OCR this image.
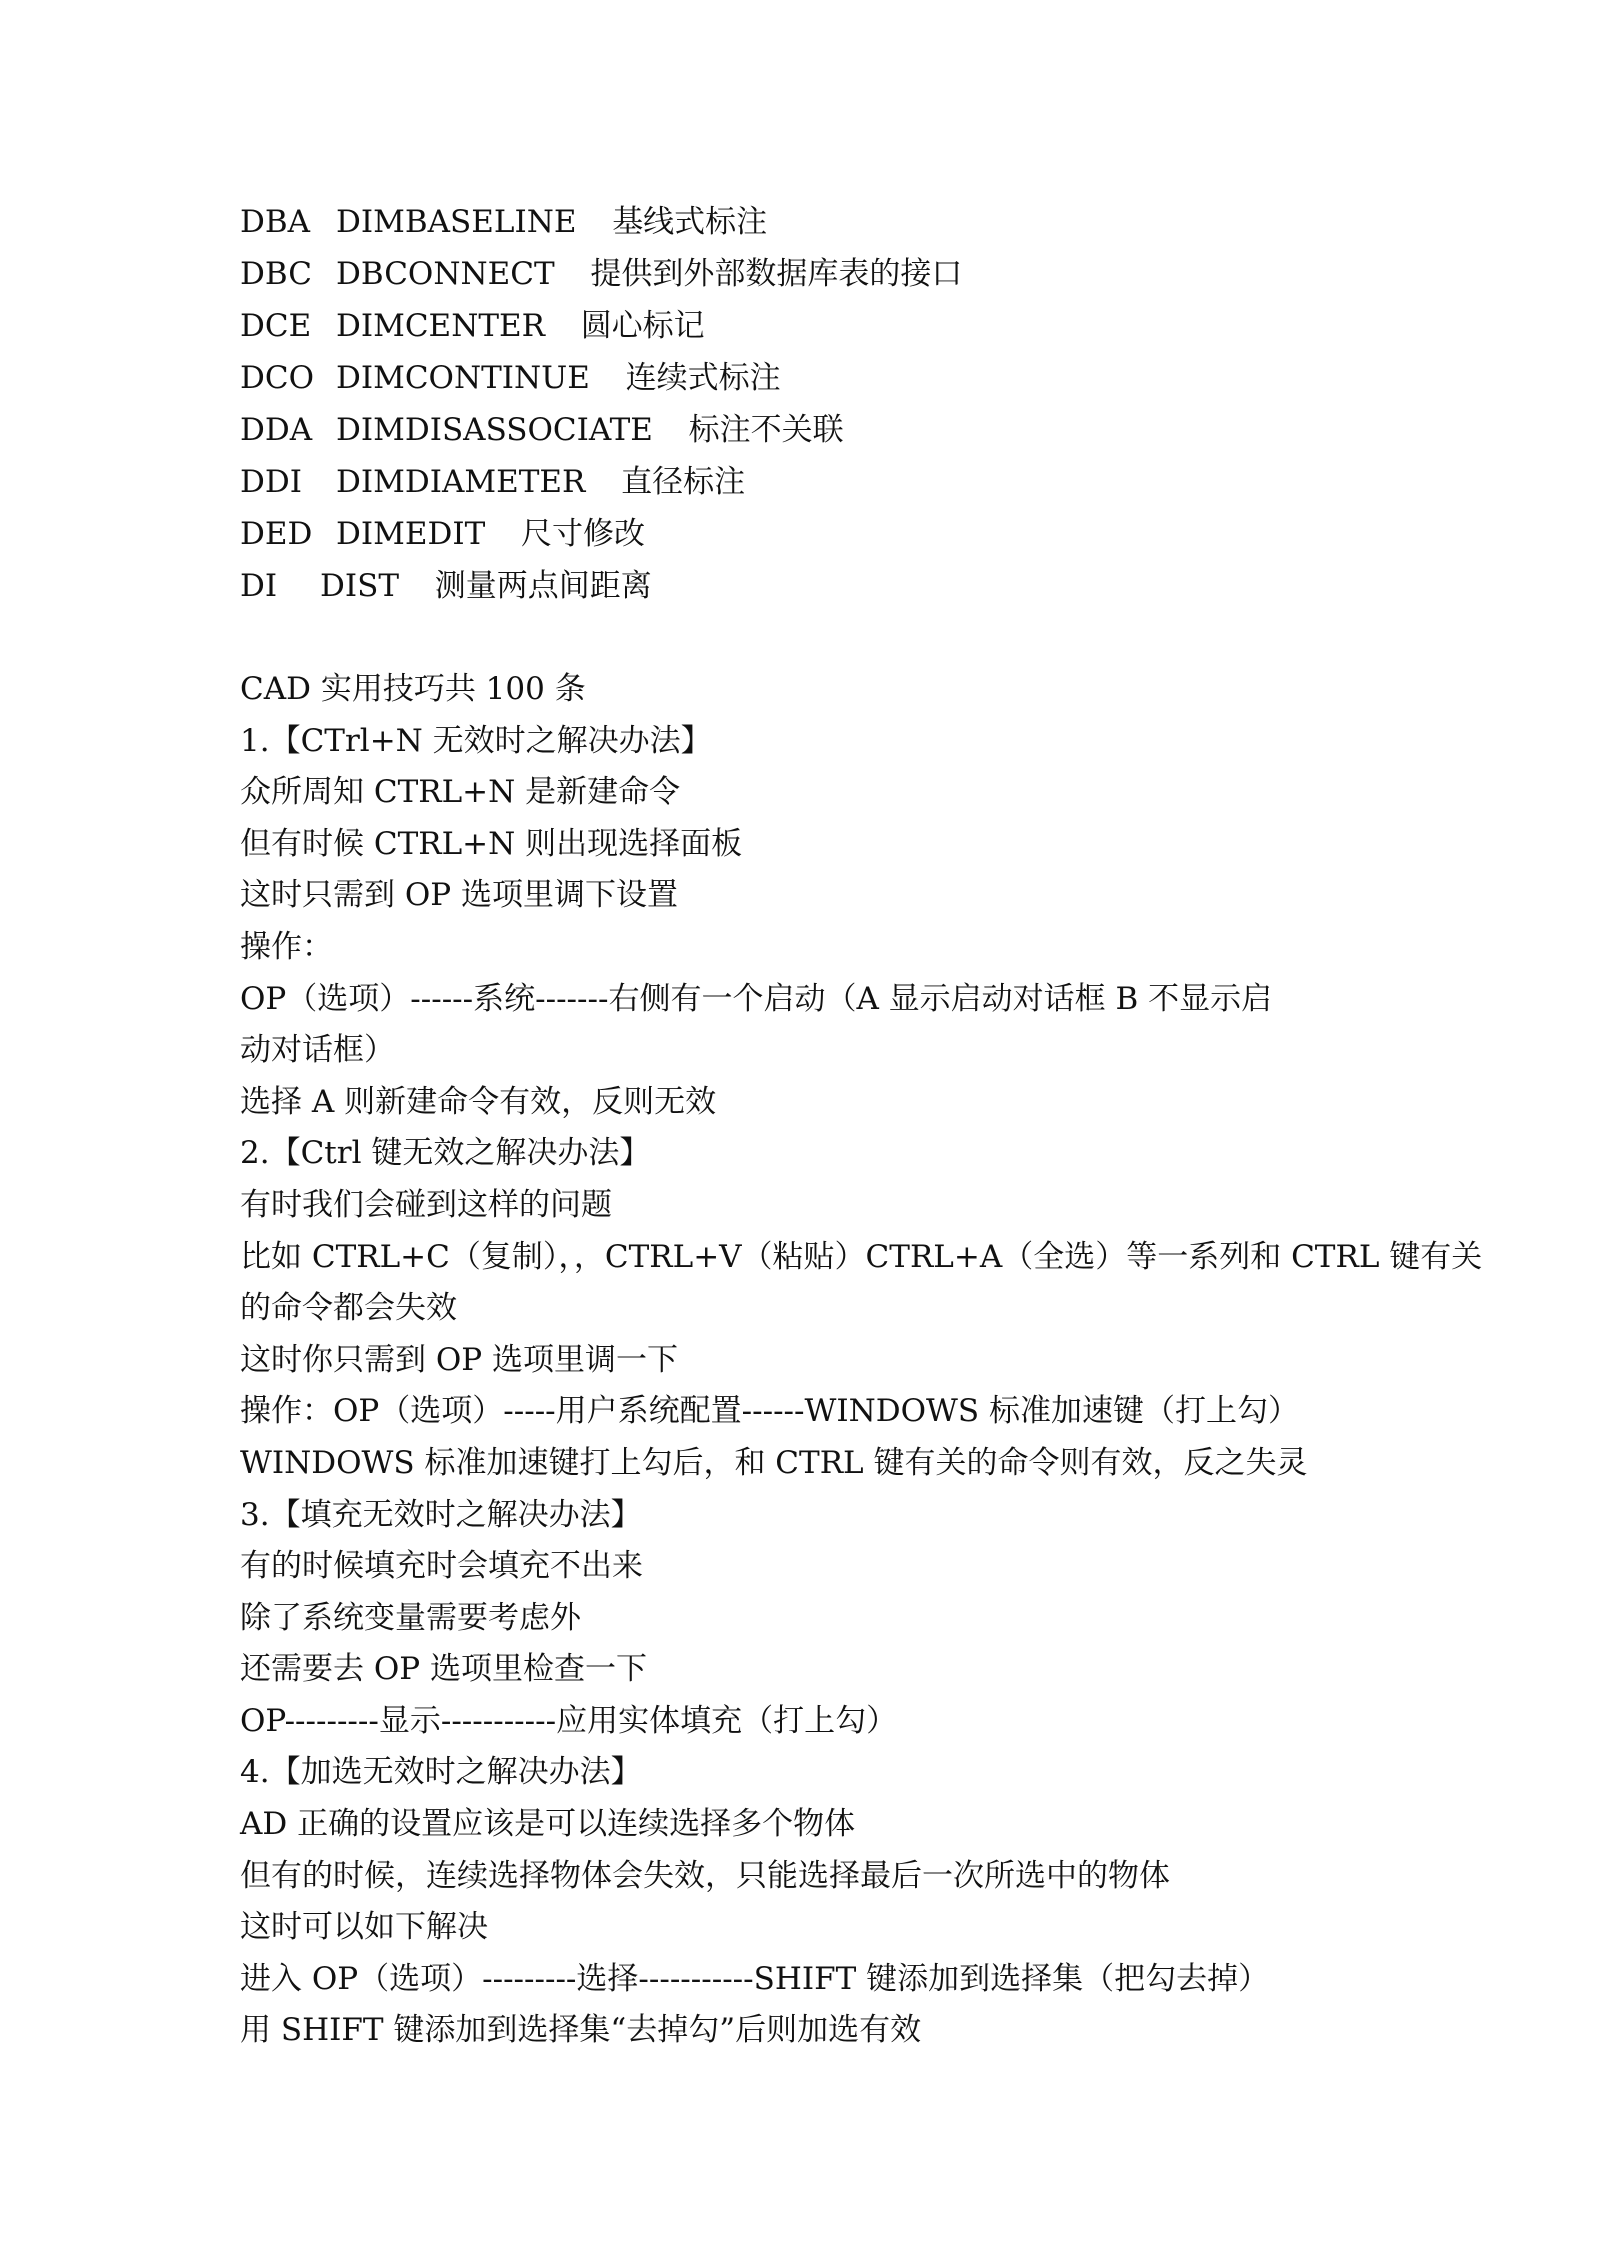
DBA DIMBASELINE 基线式标注
DBC DBCONNECT 提供到外部数据库表的接口
DCE DIMCENTER 圆心标记
DCO DIMCONTINUE 连续式标注
DDA DIMDISASSOCIATE 标注不关联
DDI DIMDIAMETER 直径标注
DED DIMEDIT 尺寸修改
DI DIST 测量两点间距离
CAD 实用技巧共 100 条
1.【CTrl+N 无效时之解决办法】
众所周知 CTRL+N 是新建命令
但有时候 CTRL+N 则出现选择面板
这时只需到 OP 选项里调下设置
操作：
OP（选项）------系统-------右侧有一个启动（A 显示启动对话框 B 不显示启
动对话框）
选择 A 则新建命令有效，反则无效
2.【Ctrl 键无效之解决办法】
有时我们会碰到这样的问题
比如 CTRL+C（复制），，CTRL+V（粘贴）CTRL+A（全选）等一系列和 CTRL 键有关
的命令都会失效
这时你只需到 OP 选项里调一下
操作：OP（选项）-----用户系统配置------WINDOWS 标准加速键（打上勾）
WINDOWS 标准加速键打上勾后，和 CTRL 键有关的命令则有效，反之失灵
3.【填充无效时之解决办法】
有的时候填充时会填充不出来
除了系统变量需要考虑外
还需要去 OP 选项里检查一下
OP---------显示-----------应用实体填充（打上勾）
4.【加选无效时之解决办法】
AD 正确的设置应该是可以连续选择多个物体
但有的时候，连续选择物体会失效，只能选择最后一次所选中的物体
这时可以如下解决
进入 OP（选项）---------选择-----------SHIFT 键添加到选择集（把勾去掉）
用 SHIFT 键添加到选择集“去掉勾”后则加选有效
